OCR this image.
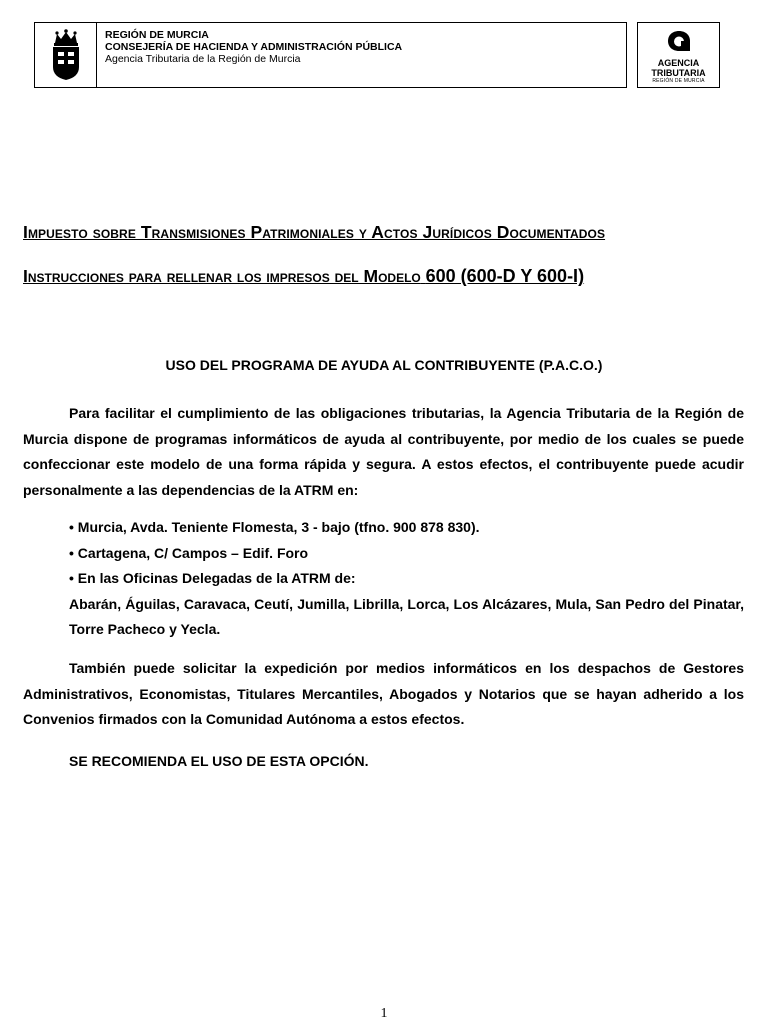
REGIÓN DE MURCIA
CONSEJERÍA DE HACIENDA Y ADMINISTRACIÓN PÚBLICA
Agencia Tributaria de la Región de Murcia	AGENCIA
TRIBUTARIA
REGIÓN DE MURCIA
Impuesto sobre Transmisiones Patrimoniales y Actos Jurídicos Documentados
Instrucciones para rellenar los impresos del Modelo 600 (600-D Y 600-I)
USO DEL PROGRAMA DE AYUDA AL CONTRIBUYENTE (P.A.C.O.)

Para facilitar el cumplimiento de las obligaciones tributarias, la Agencia Tributaria de la Región de Murcia dispone de programas informáticos de ayuda al contribuyente, por medio de los cuales se puede confeccionar este modelo de una forma rápida y segura. A estos efectos, el contribuyente puede acudir personalmente a las dependencias de la ATRM en:

• Murcia, Avda. Teniente Flomesta, 3 - bajo (tfno. 900 878 830).
• Cartagena, C/ Campos – Edif. Foro
• En las Oficinas Delegadas de la ATRM de:
Abarán, Águilas, Caravaca, Ceutí, Jumilla, Librilla, Lorca, Los Alcázares, Mula, San Pedro del Pinatar, Torre Pacheco y Yecla.

También puede solicitar la expedición por medios informáticos en los despachos de Gestores Administrativos, Economistas, Titulares Mercantiles, Abogados y Notarios que se hayan adherido a los Convenios firmados con la Comunidad Autónoma a estos efectos.

SE RECOMIENDA EL USO DE ESTA OPCIÓN.

1
